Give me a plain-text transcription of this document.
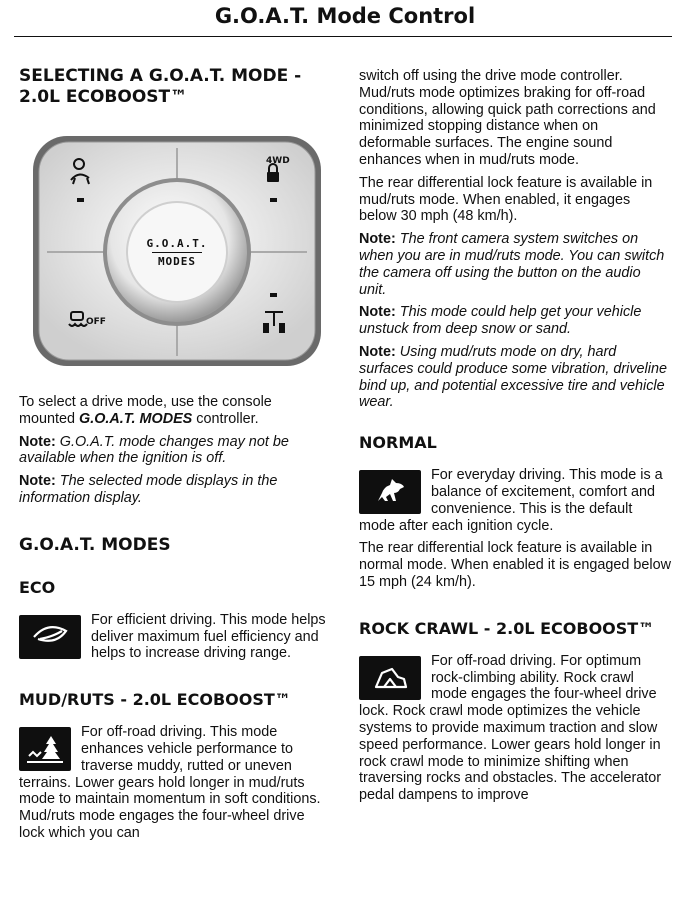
G.O.A.T. Mode Control
SELECTING A G.O.A.T. MODE - 2.0L ECOBOOST™
G.O.A.T.
MODES
4WD
OFF

To select a drive mode, use the console mounted G.O.A.T. MODES controller.

Note: G.O.A.T. mode changes may not be available when the ignition is off.

Note: The selected mode displays in the information display.

G.O.A.T. MODES
ECO

For efficient driving. This mode helps deliver maximum fuel efficiency and helps to increase driving range.

MUD/RUTS - 2.0L ECOBOOST™

For off-road driving. This mode enhances vehicle performance to traverse muddy, rutted or uneven terrains. Lower gears hold longer in mud/ruts mode to maintain momentum in soft conditions. Mud/ruts mode engages the four-wheel drive lock which you can

switch off using the drive mode controller. Mud/ruts mode optimizes braking for off-road conditions, allowing quick path corrections and minimized stopping distance when on deformable surfaces. The engine sound enhances when in mud/ruts mode.

The rear differential lock feature is available in mud/ruts mode. When enabled, it engages below 30 mph (48 km/h).

Note: The front camera system switches on when you are in mud/ruts mode. You can switch the camera off using the button on the audio unit.

Note: This mode could help get your vehicle unstuck from deep snow or sand.

Note: Using mud/ruts mode on dry, hard surfaces could produce some vibration, driveline bind up, and potential excessive tire and vehicle wear.

NORMAL

For everyday driving. This mode is a balance of excitement, comfort and convenience. This is the default mode after each ignition cycle.

The rear differential lock feature is available in normal mode. When enabled it is engaged below 15 mph (24 km/h).

ROCK CRAWL - 2.0L ECOBOOST™

For off-road driving. For optimum rock-climbing ability. Rock crawl mode engages the four-wheel drive lock. Rock crawl mode optimizes the vehicle systems to provide maximum traction and slow speed performance. Lower gears hold longer in rock crawl mode to minimize shifting when traversing rocks and obstacles. The accelerator pedal dampens to improve
